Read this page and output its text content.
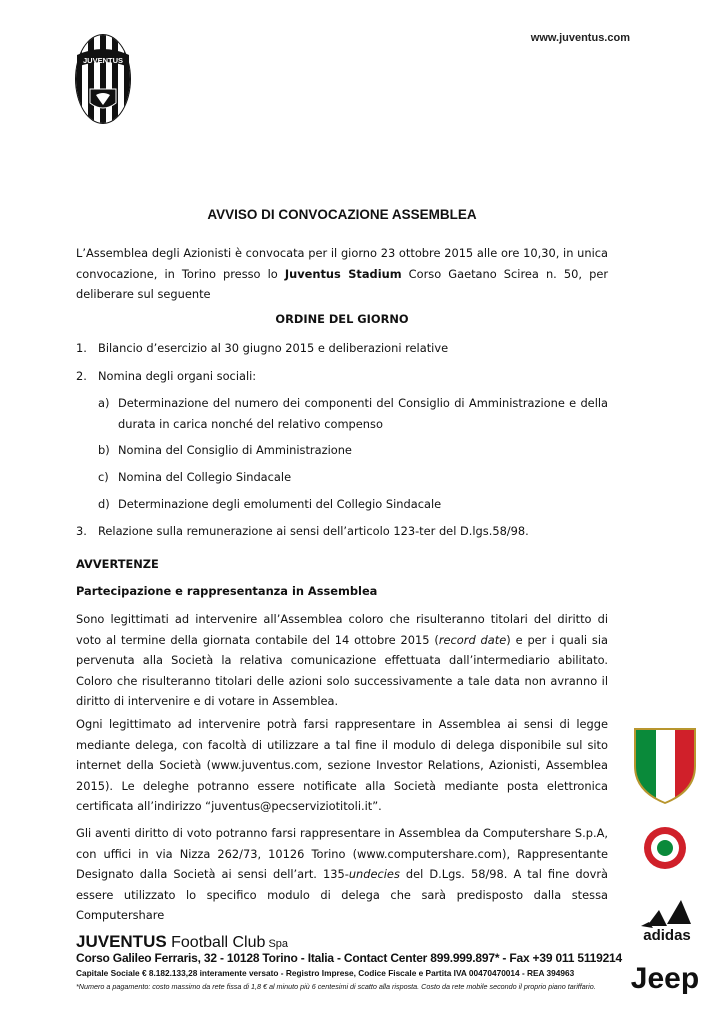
JUVENTUS
www.juventus.com
AVVISO DI CONVOCAZIONE ASSEMBLEA
L’Assemblea degli Azionisti è convocata per il giorno 23 ottobre 2015 alle ore 10,30, in unica convocazione, in Torino presso lo Juventus Stadium Corso Gaetano Scirea n. 50, per deliberare sul seguente
ORDINE DEL GIORNO
1. Bilancio d’esercizio al 30 giugno 2015 e deliberazioni relative
2. Nomina degli organi sociali:
a) Determinazione del numero dei componenti del Consiglio di Amministrazione e della durata in carica nonché del relativo compenso
b) Nomina del Consiglio di Amministrazione
c) Nomina del Collegio Sindacale
d) Determinazione degli emolumenti del Collegio Sindacale
3. Relazione sulla remunerazione ai sensi dell’articolo 123-ter del D.lgs.58/98.
AVVERTENZE
Partecipazione e rappresentanza in Assemblea
Sono legittimati ad intervenire all’Assemblea coloro che risulteranno titolari del diritto di voto al termine della giornata contabile del 14 ottobre 2015 (record date) e per i quali sia pervenuta alla Società la relativa comunicazione effettuata dall’intermediario abilitato. Coloro che risulteranno titolari delle azioni solo successivamente a tale data non avranno il diritto di intervenire e di votare in Assemblea.
Ogni legittimato ad intervenire potrà farsi rappresentare in Assemblea ai sensi di legge mediante delega, con facoltà di utilizzare a tal fine il modulo di delega disponibile sul sito internet della Società (www.juventus.com, sezione Investor Relations, Azionisti, Assemblea 2015). Le deleghe potranno essere notificate alla Società mediante posta elettronica certificata all’indirizzo “juventus@pecserviziotitoli.it”.
Gli aventi diritto di voto potranno farsi rappresentare in Assemblea da Computershare S.p.A, con uffici in via Nizza 262/73, 10126 Torino (www.computershare.com), Rappresentante Designato dalla Società ai sensi dell’art. 135-undecies del D.Lgs. 58/98. A tal fine dovrà essere utilizzato lo specifico modulo di delega che sarà predisposto dalla stessa Computershare
JUVENTUS Football Club Spa
Corso Galileo Ferraris, 32 - 10128 Torino - Italia - Contact Center 899.999.897* - Fax +39 011 5119214
Capitale Sociale € 8.182.133,28 interamente versato - Registro Imprese, Codice Fiscale e Partita IVA 00470470014 - REA 394963
*Numero a pagamento: costo massimo da rete fissa di 1,8 € al minuto più 6 centesimi di scatto alla risposta. Costo da rete mobile secondo il proprio piano tariffario.
adidas
Jeep
